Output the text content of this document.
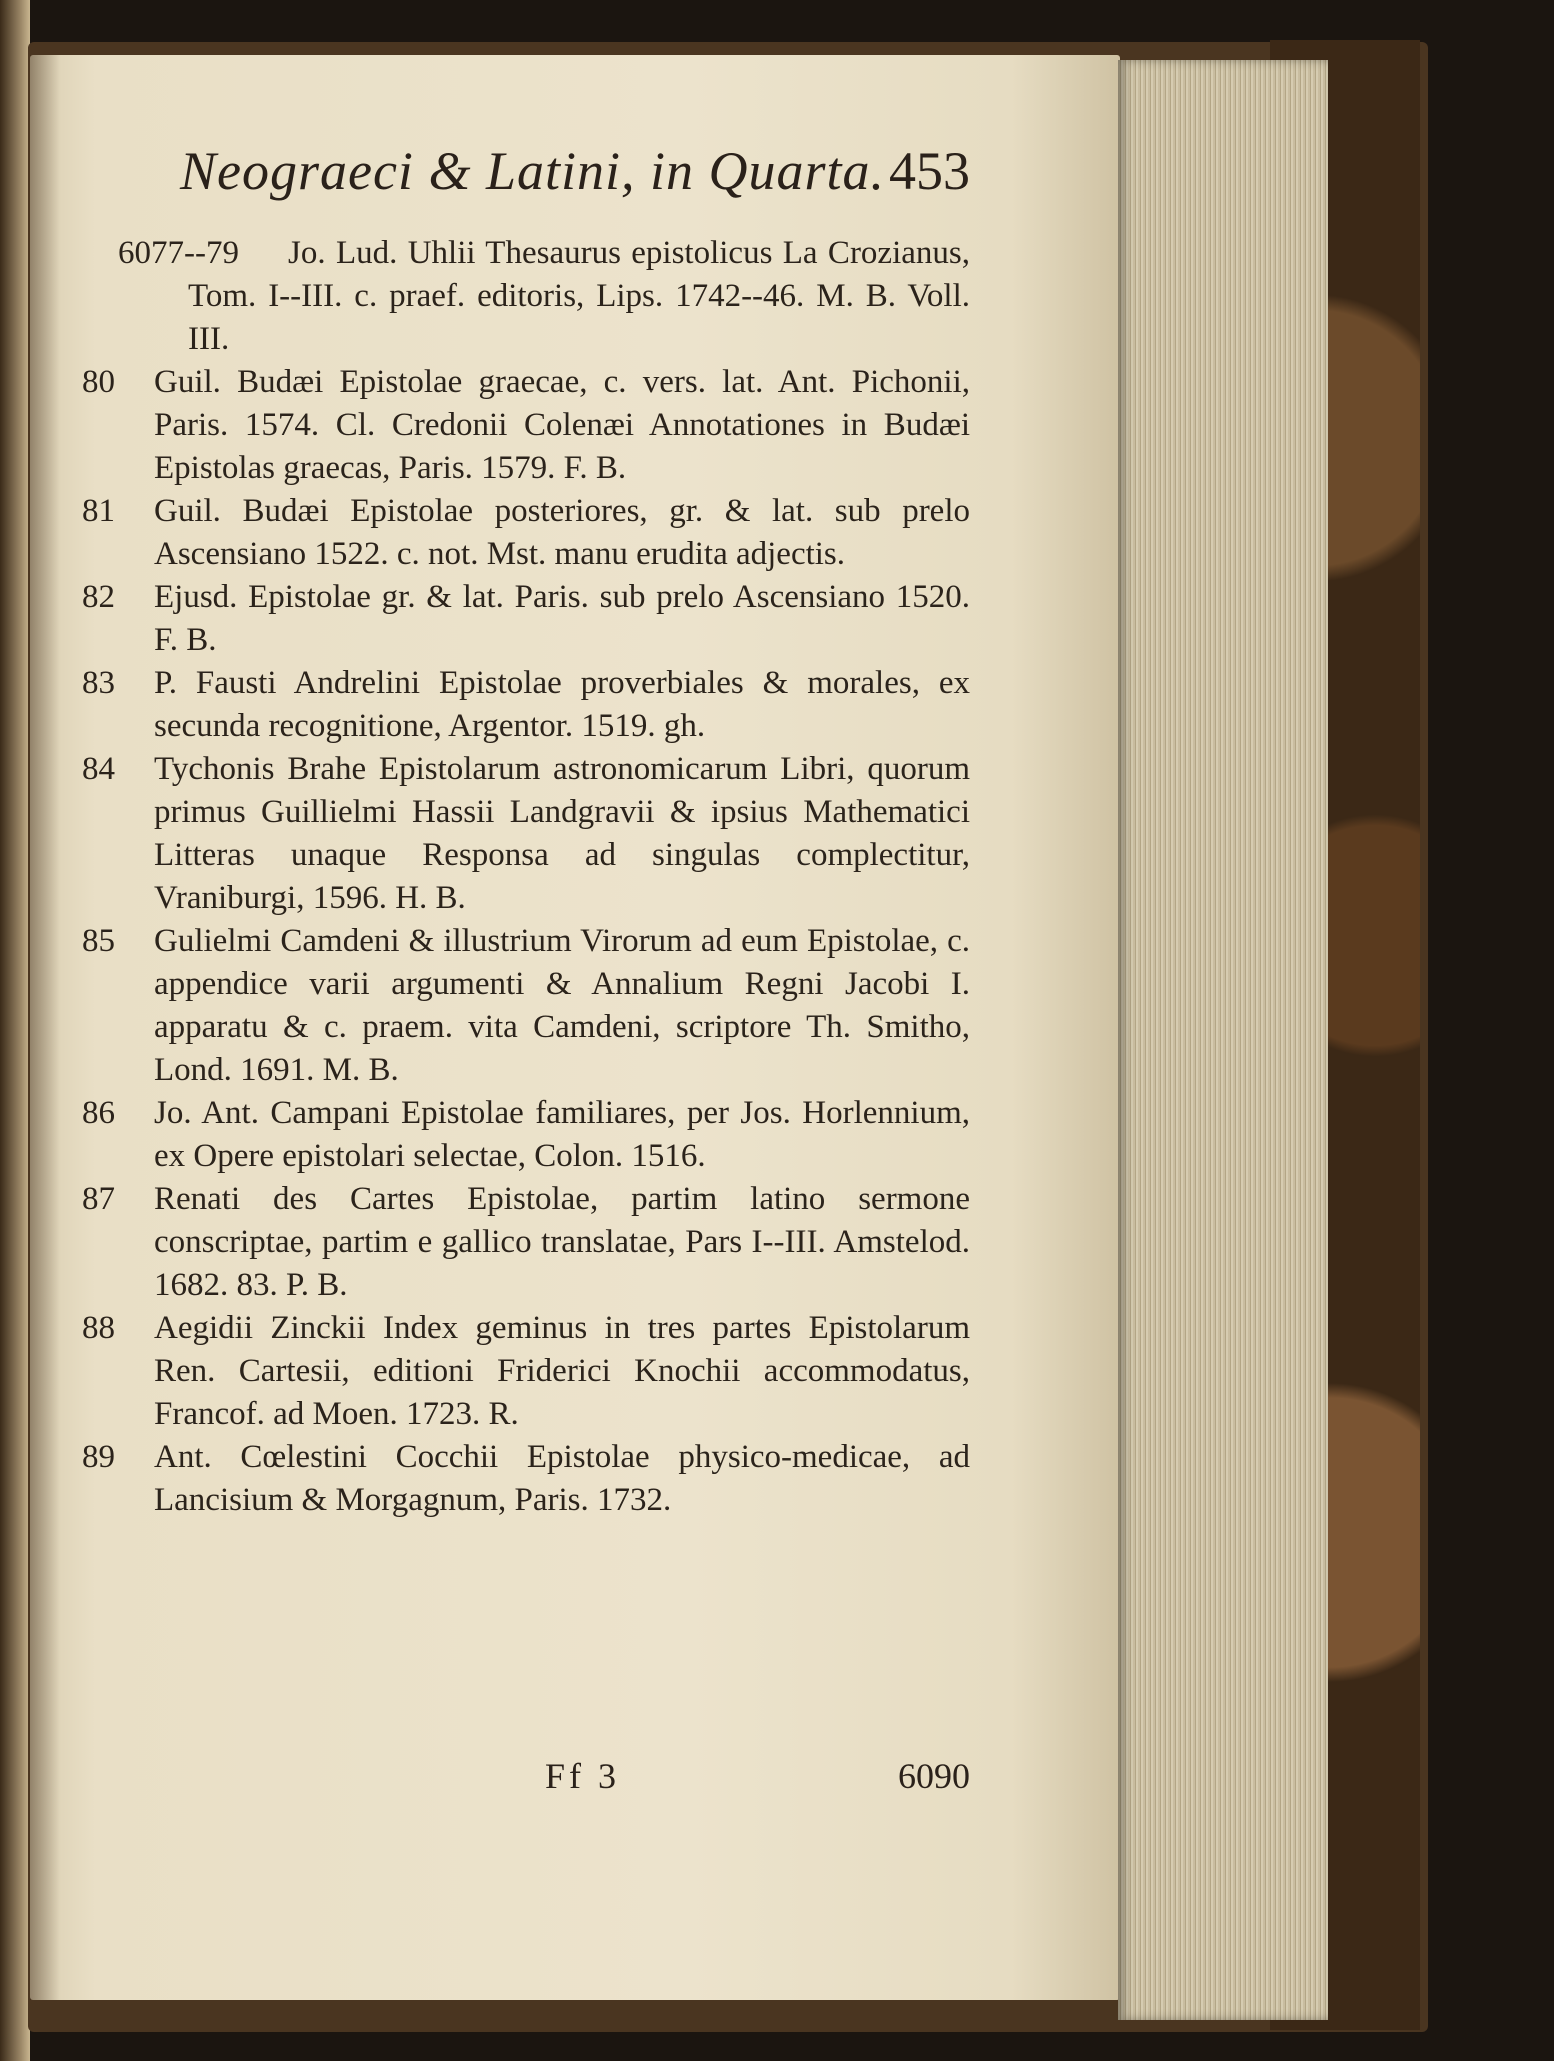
Neograeci & Latini, in Quarta. 453
6077--79	Jo. Lud. Uhlii Thesaurus epistolicus La Crozianus, Tom. I--III. c. praef. editoris, Lips. 1742--46. M. B. Voll. III.
80	Guil. Budæi Epistolae graecae, c. vers. lat. Ant. Pichonii, Paris. 1574. Cl. Credonii Colenæi Annotationes in Budæi Epistolas graecas, Paris. 1579. F. B.
81	Guil. Budæi Epistolae posteriores, gr. & lat. sub prelo Ascensiano 1522. c. not. Mst. manu erudita adjectis.
82	Ejusd. Epistolae gr. & lat. Paris. sub prelo Ascensiano 1520. F. B.
83	P. Fausti Andrelini Epistolae proverbiales & morales, ex secunda recognitione, Argentor. 1519. gh.
84	Tychonis Brahe Epistolarum astronomicarum Libri, quorum primus Guillielmi Hassii Landgravii & ipsius Mathematici Litteras unaque Responsa ad singulas complectitur, Vraniburgi, 1596. H. B.
85	Gulielmi Camdeni & illustrium Virorum ad eum Epistolae, c. appendice varii argumenti & Annalium Regni Jacobi I. apparatu & c. praem. vita Camdeni, scriptore Th. Smitho, Lond. 1691. M. B.
86	Jo. Ant. Campani Epistolae familiares, per Jos. Horlennium, ex Opere epistolari selectae, Colon. 1516.
87	Renati des Cartes Epistolae, partim latino sermone conscriptae, partim e gallico translatae, Pars I--III. Amstelod. 1682. 83. P. B.
88	Aegidii Zinckii Index geminus in tres partes Epistolarum Ren. Cartesii, editioni Friderici Knochii accommodatus, Francof. ad Moen. 1723. R.
89	Ant. Cœlestini Cocchii Epistolae physico-medicae, ad Lancisium & Morgagnum, Paris. 1732.
Ff 3	6090
